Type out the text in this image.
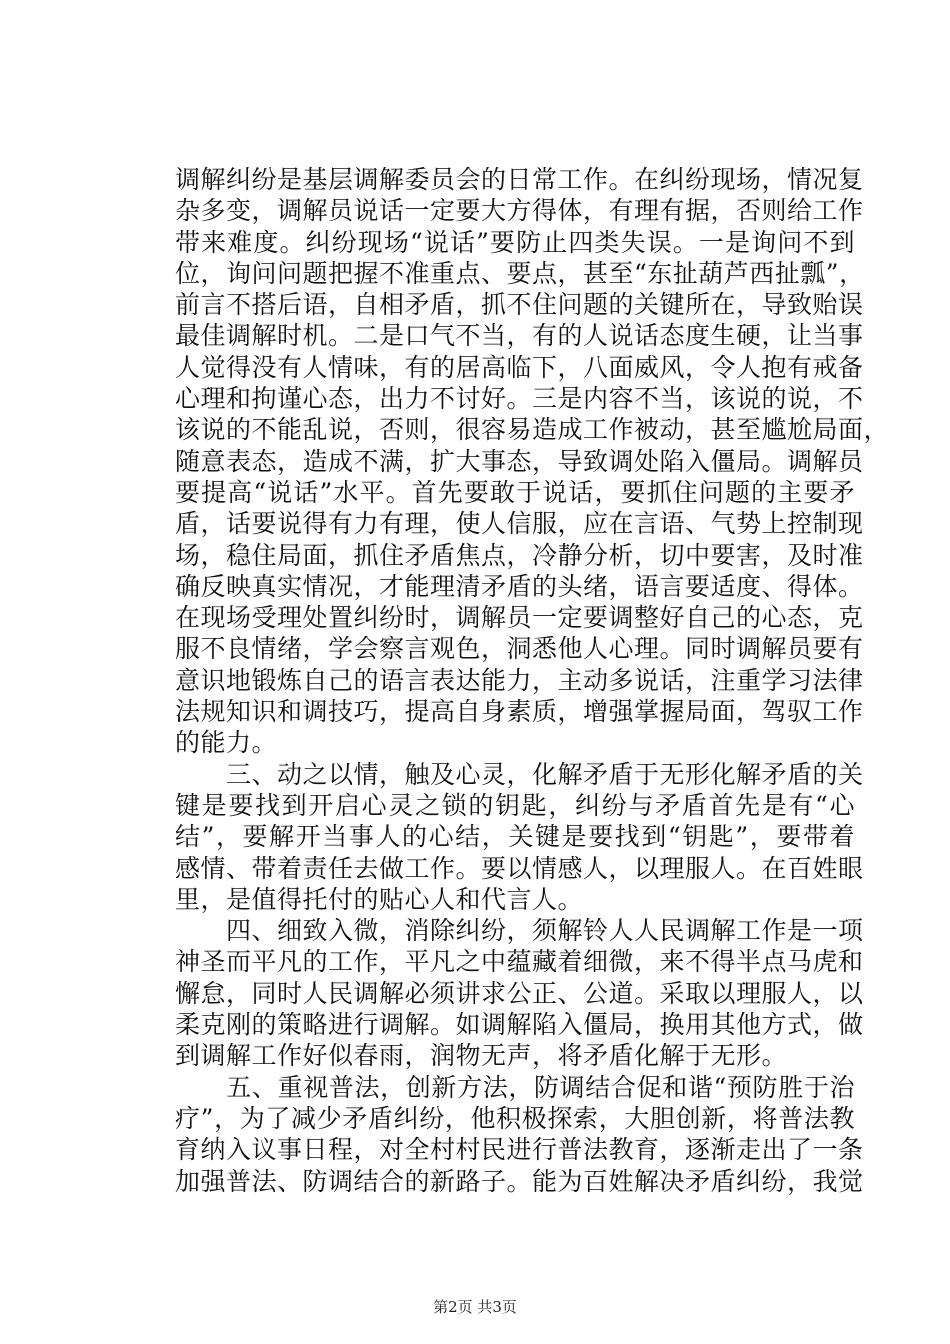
调解纠纷是基层调解委员会的日常工作。在纠纷现场，情况复
杂多变，调解员说话一定要大方得体，有理有据，否则给工作
带来难度。纠纷现场“说话”要防止四类失误。一是询问不到
位，询问问题把握不准重点、要点，甚至“东扯葫芦西扯瓢”，
前言不搭后语，自相矛盾，抓不住问题的关键所在，导致贻误
最佳调解时机。二是口气不当，有的人说话态度生硬，让当事
人觉得没有人情味，有的居高临下，八面威风，令人抱有戒备
心理和拘谨心态，出力不讨好。三是内容不当，该说的说，不
该说的不能乱说，否则，很容易造成工作被动，甚至尴尬局面，
随意表态，造成不满，扩大事态，导致调处陷入僵局。调解员
要提高“说话”水平。首先要敢于说话，要抓住问题的主要矛
盾，话要说得有力有理，使人信服，应在言语、气势上控制现
场，稳住局面，抓住矛盾焦点，冷静分析，切中要害，及时准
确反映真实情况，才能理清矛盾的头绪，语言要适度、得体。
在现场受理处置纠纷时，调解员一定要调整好自己的心态，克
服不良情绪，学会察言观色，洞悉他人心理。同时调解员要有
意识地锻炼自己的语言表达能力，主动多说话，注重学习法律
法规知识和调技巧，提高自身素质，增强掌握局面，驾驭工作
的能力。
　　三、动之以情，触及心灵，化解矛盾于无形化解矛盾的关
键是要找到开启心灵之锁的钥匙，纠纷与矛盾首先是有“心
结”，要解开当事人的心结，关键是要找到“钥匙”，要带着
感情、带着责任去做工作。要以情感人，以理服人。在百姓眼
里，是值得托付的贴心人和代言人。
　　四、细致入微，消除纠纷，须解铃人人民调解工作是一项
神圣而平凡的工作，平凡之中蕴藏着细微，来不得半点马虎和
懈怠，同时人民调解必须讲求公正、公道。采取以理服人，以
柔克刚的策略进行调解。如调解陷入僵局，换用其他方式，做
到调解工作好似春雨，润物无声，将矛盾化解于无形。
　　五、重视普法，创新方法，防调结合促和谐“预防胜于治
疗”，为了减少矛盾纠纷，他积极探索，大胆创新，将普法教
育纳入议事日程，对全村村民进行普法教育，逐渐走出了一条
加强普法、防调结合的新路子。能为百姓解决矛盾纠纷，我觉
第2页 共3页
